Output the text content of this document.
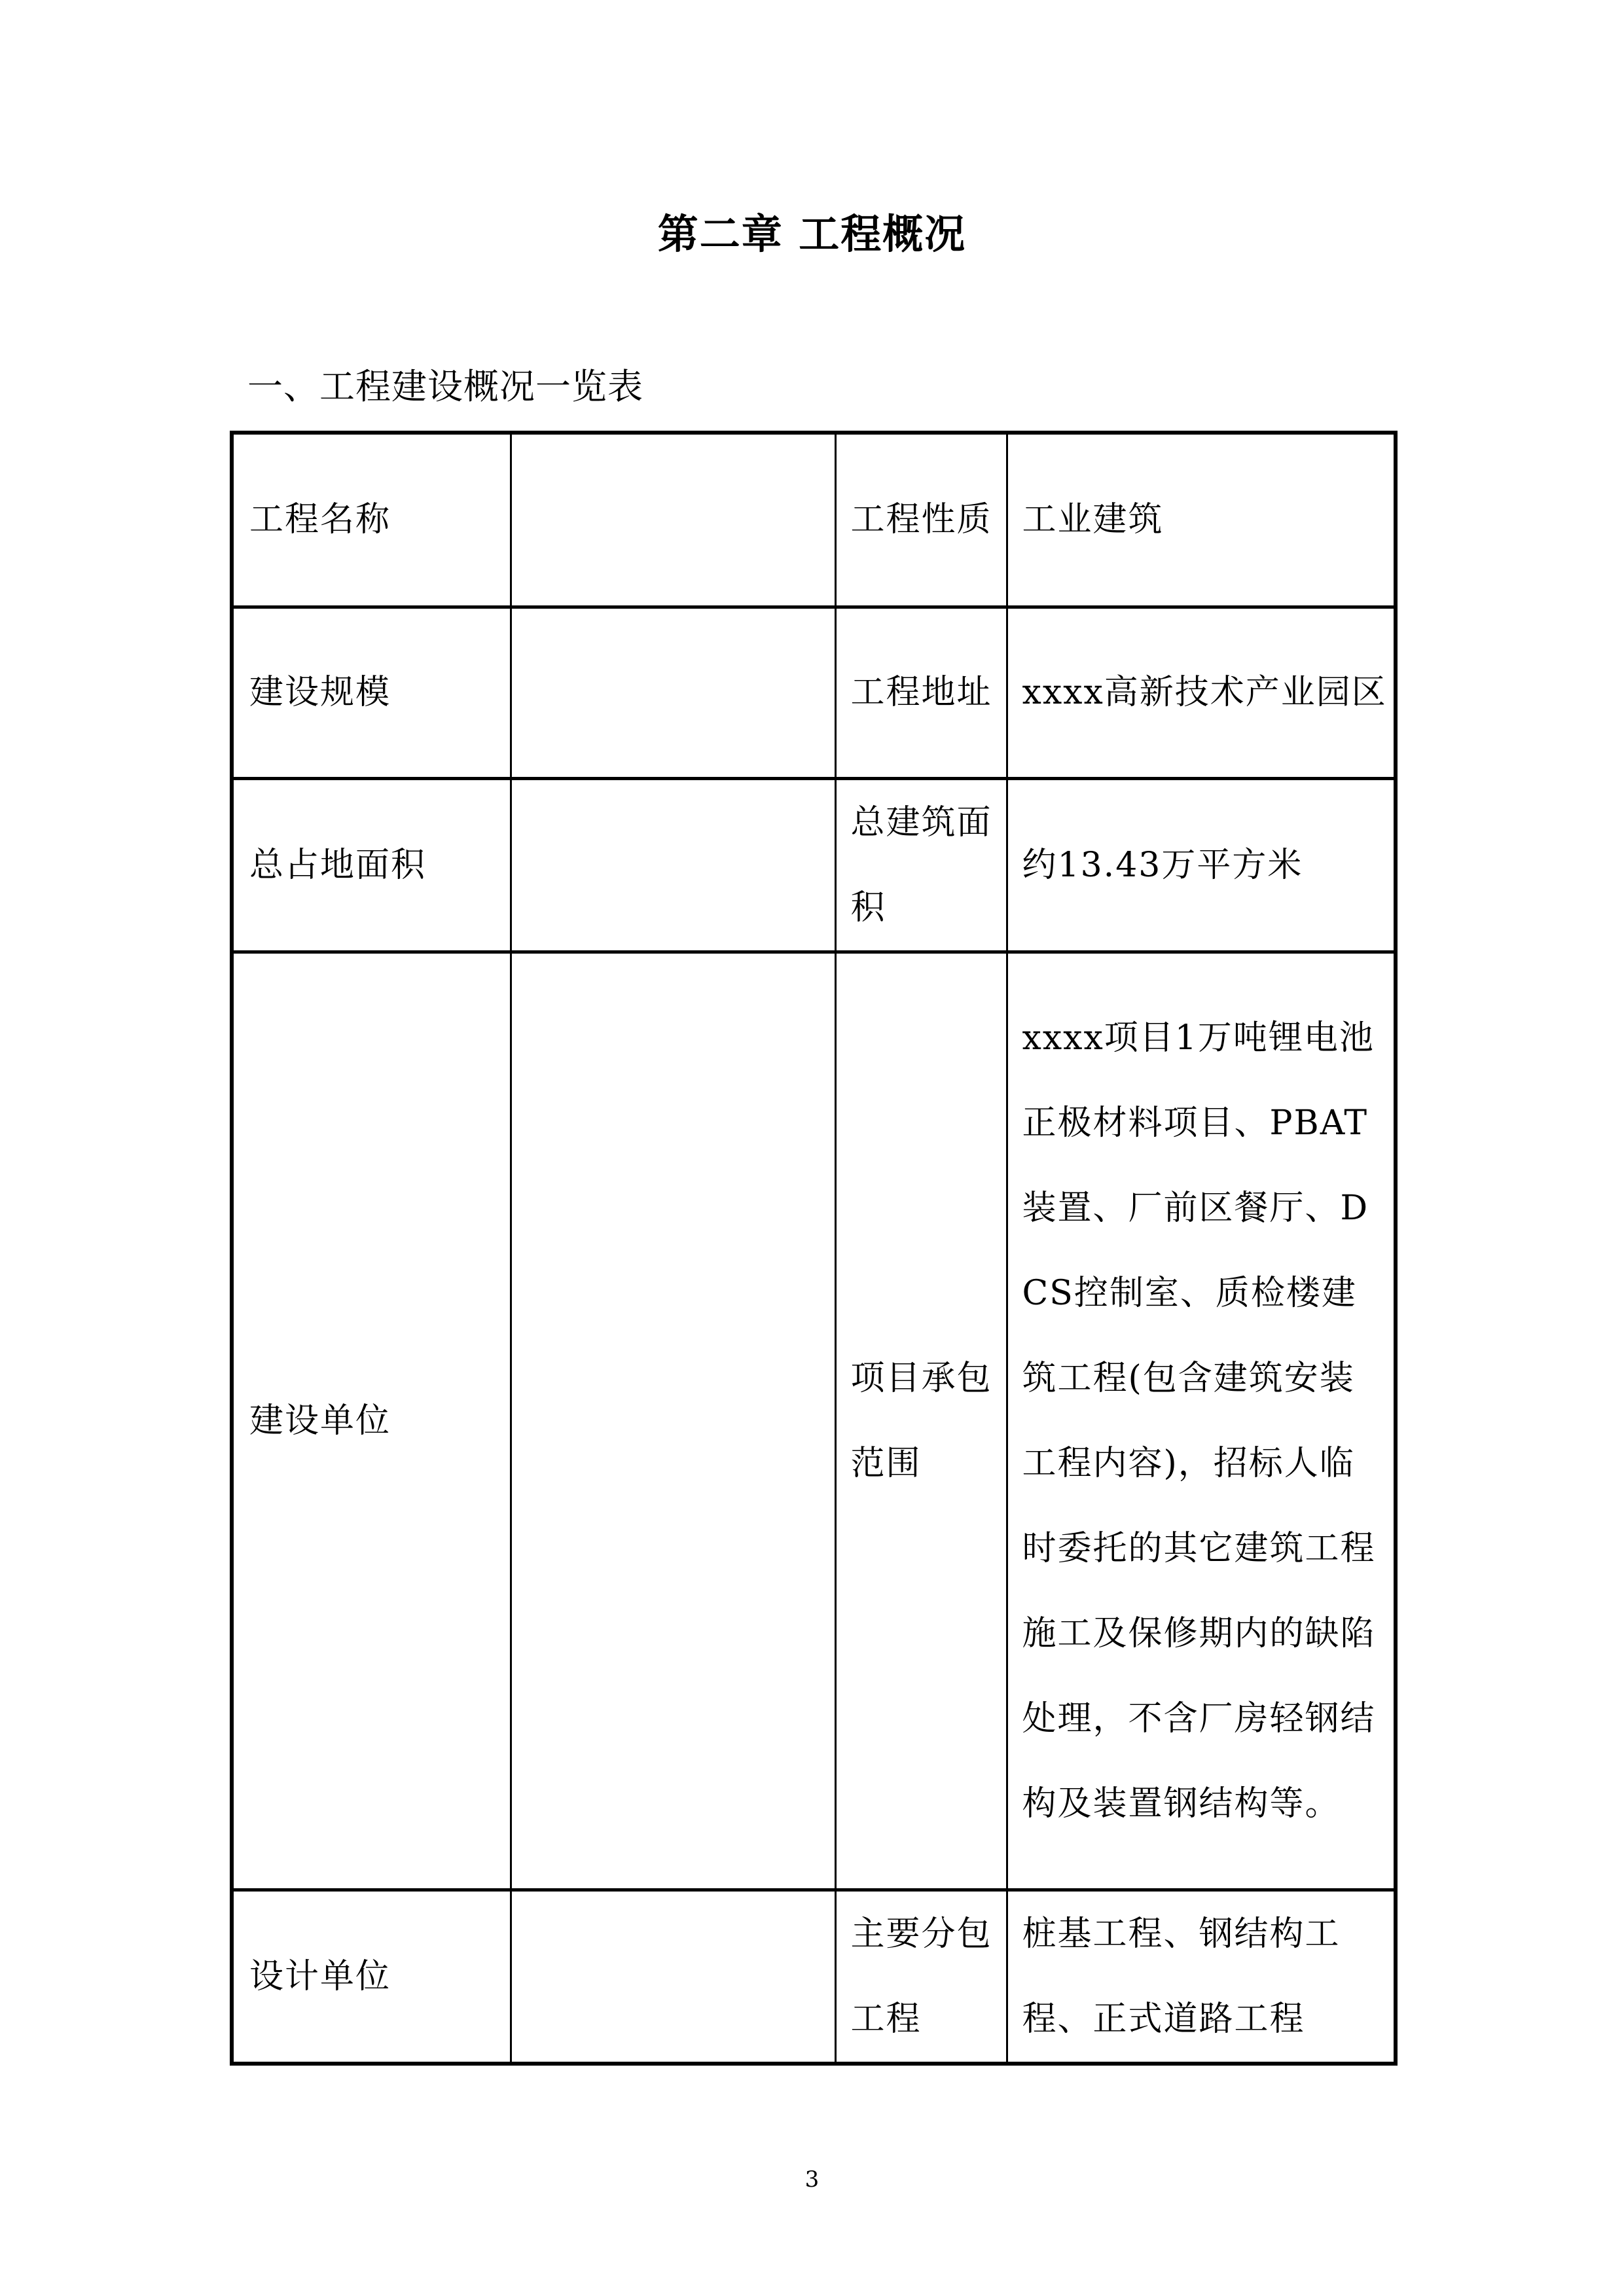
第二章 工程概况
一、工程建设概况一览表
工程名称		工程性质	工业建筑
建设规模		工程地址	xxxx高新技术产业园区
总占地面积		总建筑面积	约13.43万平方米
建设单位		项目承包范围	xxxx项目1万吨锂电池正极材料项目、PBAT装置、厂前区餐厅、DCS控制室、质检楼建筑工程(包含建筑安装工程内容)，招标人临时委托的其它建筑工程施工及保修期内的缺陷处理，不含厂房轻钢结构及装置钢结构等。
设计单位		主要分包工程	桩基工程、钢结构工程、正式道路工程
3
